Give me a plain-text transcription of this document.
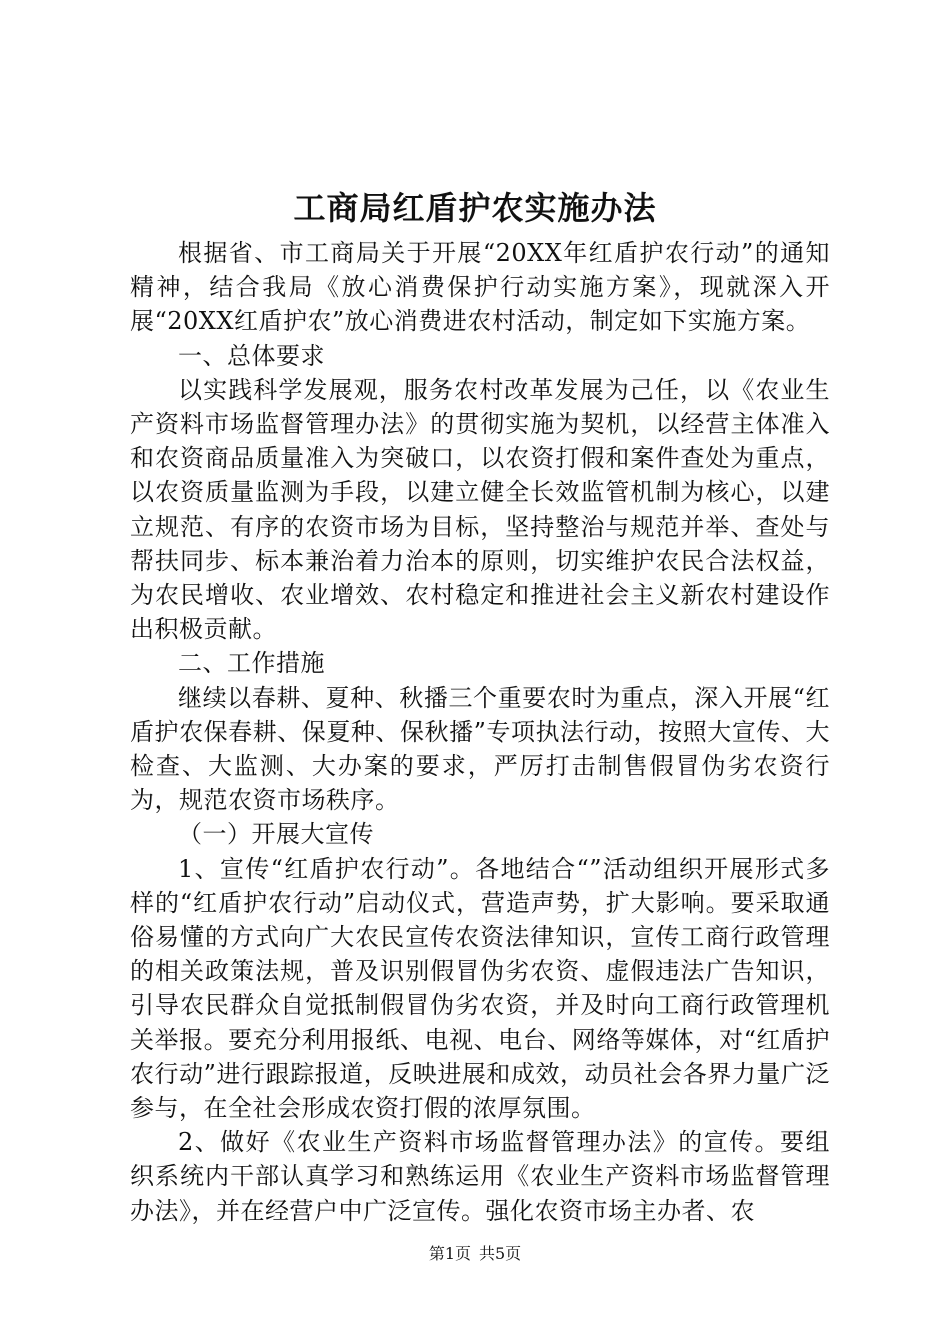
工商局红盾护农实施办法

根据省、市工商局关于开展“20XX年红盾护农行动”的通知精神，结合我局《放心消费保护行动实施方案》，现就深入开展“20XX红盾护农”放心消费进农村活动，制定如下实施方案。

一、总体要求

以实践科学发展观，服务农村改革发展为己任，以《农业生产资料市场监督管理办法》的贯彻实施为契机，以经营主体准入和农资商品质量准入为突破口，以农资打假和案件查处为重点，以农资质量监测为手段，以建立健全长效监管机制为核心，以建立规范、有序的农资市场为目标，坚持整治与规范并举、查处与帮扶同步、标本兼治着力治本的原则，切实维护农民合法权益，为农民增收、农业增效、农村稳定和推进社会主义新农村建设作出积极贡献。

二、工作措施

继续以春耕、夏种、秋播三个重要农时为重点，深入开展“红盾护农保春耕、保夏种、保秋播”专项执法行动，按照大宣传、大检查、大监测、大办案的要求，严厉打击制售假冒伪劣农资行为，规范农资市场秩序。

（一）开展大宣传

1、宣传“红盾护农行动”。各地结合“”活动组织开展形式多样的“红盾护农行动”启动仪式，营造声势，扩大影响。要采取通俗易懂的方式向广大农民宣传农资法律知识，宣传工商行政管理的相关政策法规，普及识别假冒伪劣农资、虚假违法广告知识，引导农民群众自觉抵制假冒伪劣农资，并及时向工商行政管理机关举报。要充分利用报纸、电视、电台、网络等媒体，对“红盾护农行动”进行跟踪报道，反映进展和成效，动员社会各界力量广泛参与，在全社会形成农资打假的浓厚氛围。

2、做好《农业生产资料市场监督管理办法》的宣传。要组织系统内干部认真学习和熟练运用《农业生产资料市场监督管理办法》，并在经营户中广泛宣传。强化农资市场主办者、农

第1页 共5页
